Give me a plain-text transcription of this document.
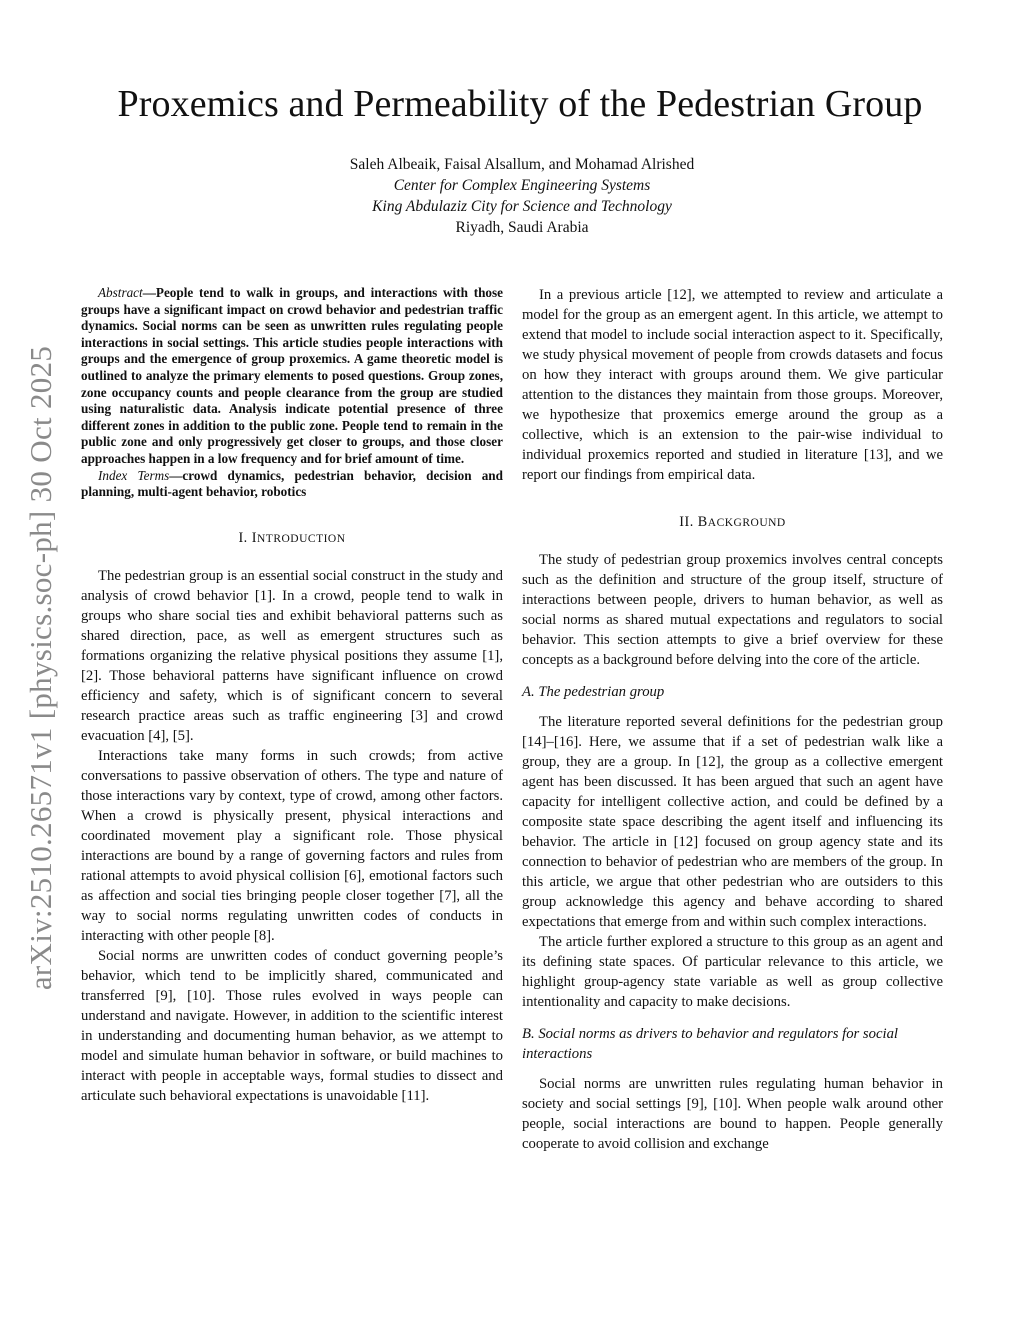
arXiv:2510.26571v1 [physics.soc-ph] 30 Oct 2025
Proxemics and Permeability of the Pedestrian Group
Saleh Albeaik, Faisal Alsallum, and Mohamad Alrished
Center for Complex Engineering Systems
King Abdulaziz City for Science and Technology
Riyadh, Saudi Arabia

Abstract—People tend to walk in groups, and interactions with those groups have a significant impact on crowd behavior and pedestrian traffic dynamics. Social norms can be seen as unwritten rules regulating people interactions in social settings. This article studies people interactions with groups and the emergence of group proxemics. A game theoretic model is outlined to analyze the primary elements to posed questions. Group zones, zone occupancy counts and people clearance from the group are studied using naturalistic data. Analysis indicate potential presence of three different zones in addition to the public zone. People tend to remain in the public zone and only progressively get closer to groups, and those closer approaches happen in a low frequency and for brief amount of time.

Index Terms—crowd dynamics, pedestrian behavior, decision and planning, multi-agent behavior, robotics

I. INTRODUCTION

The pedestrian group is an essential social construct in the study and analysis of crowd behavior [1]. In a crowd, people tend to walk in groups who share social ties and exhibit behavioral patterns such as shared direction, pace, as well as emergent structures such as formations organizing the relative physical positions they assume [1], [2]. Those behavioral patterns have significant influence on crowd efficiency and safety, which is of significant concern to several research practice areas such as traffic engineering [3] and crowd evacuation [4], [5].

Interactions take many forms in such crowds; from active conversations to passive observation of others. The type and nature of those interactions vary by context, type of crowd, among other factors. When a crowd is physically present, physical interactions and coordinated movement play a significant role. Those physical interactions are bound by a range of governing factors and rules from rational attempts to avoid physical collision [6], emotional factors such as affection and social ties bringing people closer together [7], all the way to social norms regulating unwritten codes of conducts in interacting with other people [8].

Social norms are unwritten codes of conduct governing people’s behavior, which tend to be implicitly shared, communicated and transferred [9], [10]. Those rules evolved in ways people can understand and navigate. However, in addition to the scientific interest in understanding and documenting human behavior, as we attempt to model and simulate human behavior in software, or build machines to interact with people in acceptable ways, formal studies to dissect and articulate such behavioral expectations is unavoidable [11].

In a previous article [12], we attempted to review and articulate a model for the group as an emergent agent. In this article, we attempt to extend that model to include social interaction aspect to it. Specifically, we study physical movement of people from crowds datasets and focus on how they interact with groups around them. We give particular attention to the distances they maintain from those groups. Moreover, we hypothesize that proxemics emerge around the group as a collective, which is an extension to the pair-wise individual to individual proxemics reported and studied in literature [13], and we report our findings from empirical data.

II. BACKGROUND

The study of pedestrian group proxemics involves central concepts such as the definition and structure of the group itself, structure of interactions between people, drivers to human behavior, as well as social norms as shared mutual expectations and regulators to social behavior. This section attempts to give a brief overview for these concepts as a background before delving into the core of the article.

A. The pedestrian group

The literature reported several definitions for the pedestrian group [14]–[16]. Here, we assume that if a set of pedestrian walk like a group, they are a group. In [12], the group as a collective emergent agent has been discussed. It has been argued that such an agent have capacity for intelligent collective action, and could be defined by a composite state space describing the agent itself and influencing its behavior. The article in [12] focused on group agency state and its connection to behavior of pedestrian who are members of the group. In this article, we argue that other pedestrian who are outsiders to this group acknowledge this agency and behave according to shared expectations that emerge from and within such complex interactions.

The article further explored a structure to this group as an agent and its defining state spaces. Of particular relevance to this article, we highlight group-agency state variable as well as group collective intentionality and capacity to make decisions.

B. Social norms as drivers to behavior and regulators for social interactions

Social norms are unwritten rules regulating human behavior in society and social settings [9], [10]. When people walk around other people, social interactions are bound to happen. People generally cooperate to avoid collision and exchange
